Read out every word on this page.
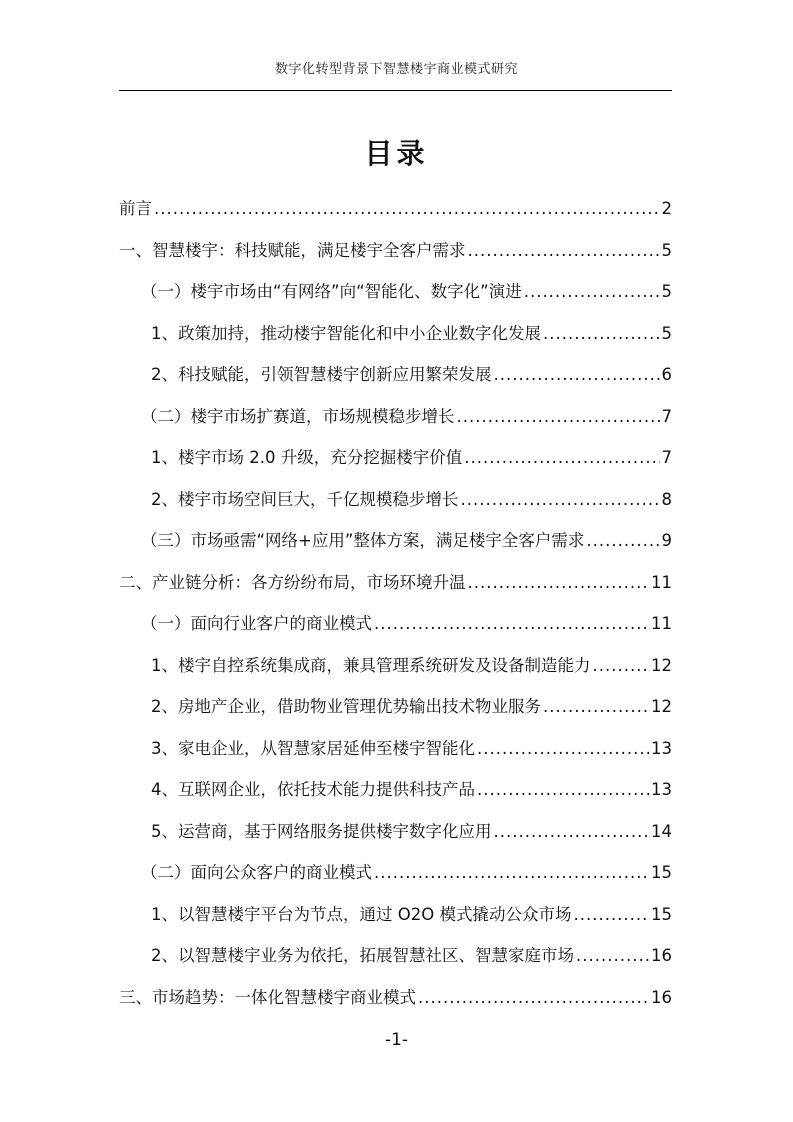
数字化转型背景下智慧楼宇商业模式研究
目录
前言 .....	2
一、智慧楼宇：科技赋能，满足楼宇全客户需求 .....	5
（一）楼宇市场由“有网络”向“智能化、数字化”演进 .....	5
1、政策加持，推动楼宇智能化和中小企业数字化发展 .....	5
2、科技赋能，引领智慧楼宇创新应用繁荣发展 .....	6
（二）楼宇市场扩赛道，市场规模稳步增长 .....	7
1、楼宇市场 2.0 升级，充分挖掘楼宇价值 .....	7
2、楼宇市场空间巨大，千亿规模稳步增长 .....	8
（三）市场亟需“网络+应用”整体方案，满足楼宇全客户需求 .....	9
二、产业链分析：各方纷纷布局，市场环境升温 .....	11
（一）面向行业客户的商业模式 .....	11
1、楼宇自控系统集成商，兼具管理系统研发及设备制造能力 .....	12
2、房地产企业，借助物业管理优势输出技术物业服务 .....	12
3、家电企业，从智慧家居延伸至楼宇智能化 .....	13
4、互联网企业，依托技术能力提供科技产品 .....	13
5、运营商，基于网络服务提供楼宇数字化应用 .....	14
（二）面向公众客户的商业模式 .....	15
1、以智慧楼宇平台为节点，通过 O2O 模式撬动公众市场 .....	15
2、以智慧楼宇业务为依托，拓展智慧社区、智慧家庭市场 .....	16
三、市场趋势：一体化智慧楼宇商业模式 .....	16
-1-
